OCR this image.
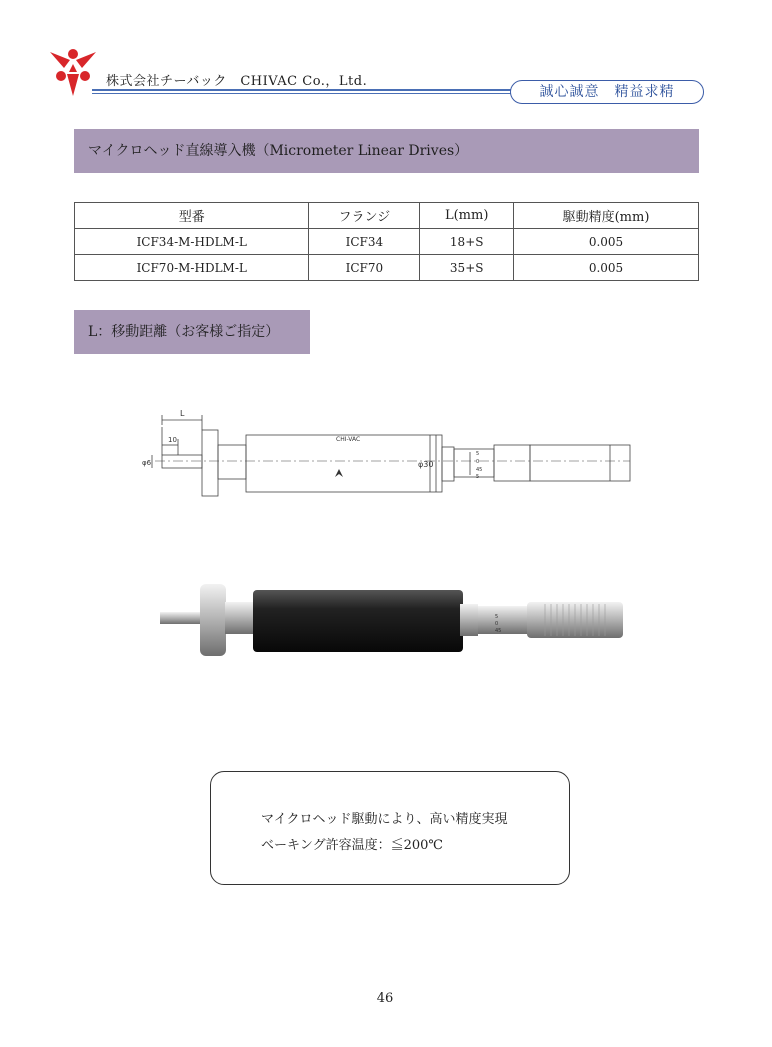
株式会社チーバック　CHIVAC Co.，Ltd.
誠心誠意　精益求精
マイクロヘッド直線導入機（Micrometer Linear Drives）
型番	フランジ	L(mm)	駆動精度(mm)
ICF34-M-HDLM-L	ICF34	18+S	0.005
ICF70-M-HDLM-L	ICF70	35+S	0.005
L：移動距離（お客様ご指定）
L
10
φ6	φ30
CHI-VAC
5
0
45
5
5
0
45
マイクロヘッド駆動により、高い精度実現
ベーキング許容温度：≦200℃
46
